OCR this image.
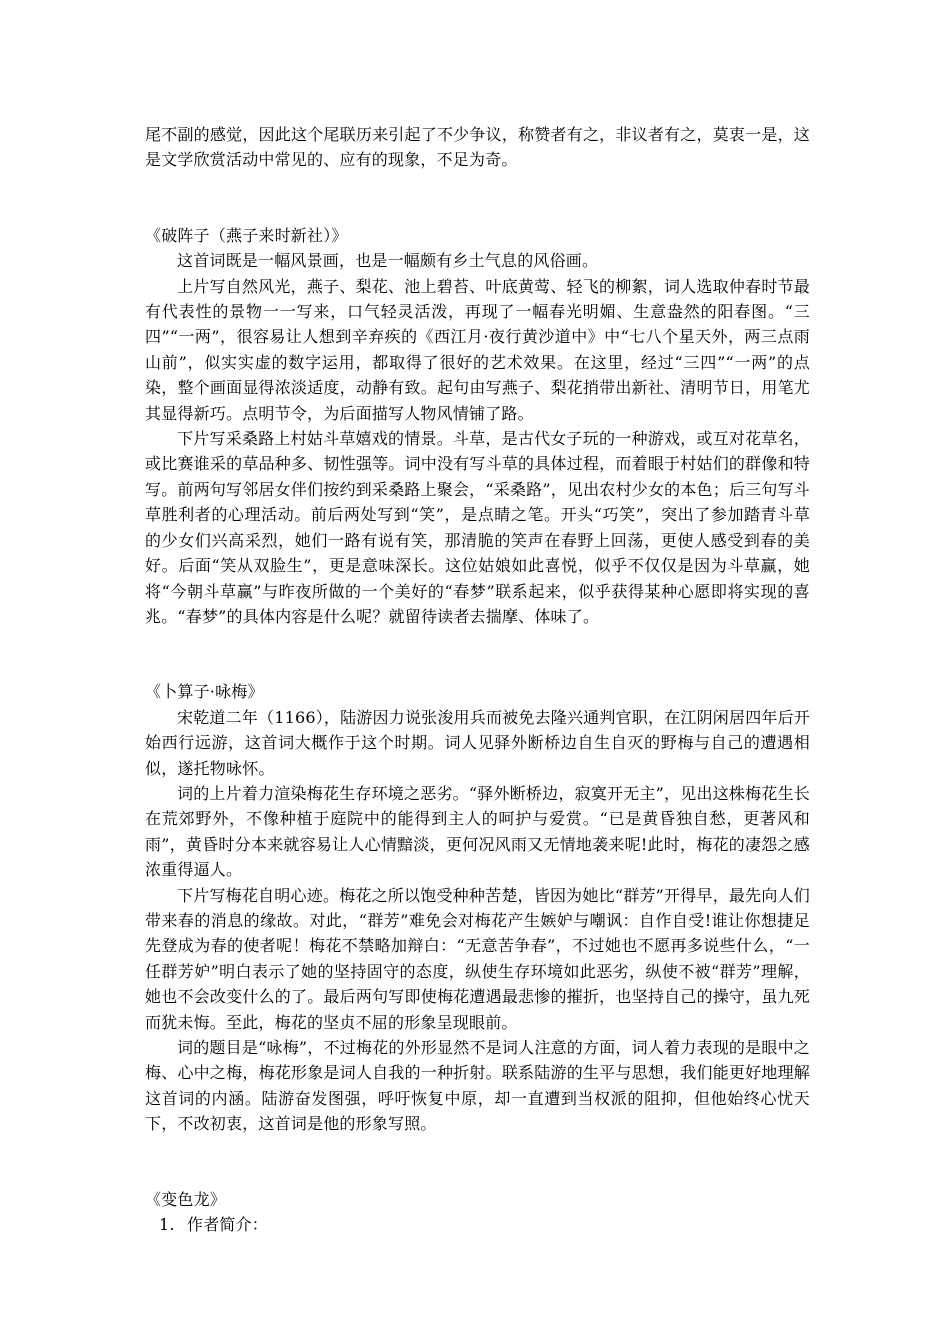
尾不副的感觉，因此这个尾联历来引起了不少争议，称赞者有之，非议者有之，莫衷一是，这是文学欣赏活动中常见的、应有的现象，不足为奇。

《破阵子（燕子来时新社）》

这首词既是一幅风景画，也是一幅颇有乡土气息的风俗画。

上片写自然风光，燕子、梨花、池上碧苔、叶底黄莺、轻飞的柳絮，词人选取仲春时节最有代表性的景物一一写来，口气轻灵活泼，再现了一幅春光明媚、生意盎然的阳春图。“三四”“一两”，很容易让人想到辛弃疾的《西江月·夜行黄沙道中》中“七八个星天外，两三点雨山前”，似实实虚的数字运用，都取得了很好的艺术效果。在这里，经过“三四”“一两”的点染，整个画面显得浓淡适度，动静有致。起句由写燕子、梨花捎带出新社、清明节日，用笔尤其显得新巧。点明节令，为后面描写人物风情铺了路。

下片写采桑路上村姑斗草嬉戏的情景。斗草，是古代女子玩的一种游戏，或互对花草名，或比赛谁采的草品种多、韧性强等。词中没有写斗草的具体过程，而着眼于村姑们的群像和特写。前两句写邻居女伴们按约到采桑路上聚会，“采桑路”，见出农村少女的本色；后三句写斗草胜利者的心理活动。前后两处写到“笑”，是点睛之笔。开头“巧笑”，突出了参加踏青斗草的少女们兴高采烈，她们一路有说有笑，那清脆的笑声在春野上回荡，更使人感受到春的美好。后面“笑从双脸生”，更是意味深长。这位姑娘如此喜悦，似乎不仅仅是因为斗草赢，她将“今朝斗草赢”与昨夜所做的一个美好的“春梦”联系起来，似乎获得某种心愿即将实现的喜兆。“春梦”的具体内容是什么呢？就留待读者去揣摩、体味了。

《卜算子·咏梅》

宋乾道二年（1166），陆游因力说张浚用兵而被免去隆兴通判官职，在江阴闲居四年后开始西行远游，这首词大概作于这个时期。词人见驿外断桥边自生自灭的野梅与自己的遭遇相似，遂托物咏怀。

词的上片着力渲染梅花生存环境之恶劣。“驿外断桥边，寂寞开无主”，见出这株梅花生长在荒郊野外，不像种植于庭院中的能得到主人的呵护与爱赏。“已是黄昏独自愁，更著风和雨”，黄昏时分本来就容易让人心情黯淡，更何况风雨又无情地袭来呢!此时，梅花的凄怨之感浓重得逼人。

下片写梅花自明心迹。梅花之所以饱受种种苦楚，皆因为她比“群芳”开得早，最先向人们带来春的消息的缘故。对此，“群芳”难免会对梅花产生嫉妒与嘲讽：自作自受!谁让你想捷足先登成为春的使者呢！梅花不禁略加辩白：“无意苦争春”，不过她也不愿再多说些什么，“一任群芳妒”明白表示了她的坚持固守的态度，纵使生存环境如此恶劣，纵使不被“群芳”理解，她也不会改变什么的了。最后两句写即使梅花遭遇最悲惨的摧折，也坚持自己的操守，虽九死而犹未悔。至此，梅花的坚贞不屈的形象呈现眼前。

词的题目是“咏梅”，不过梅花的外形显然不是词人注意的方面，词人着力表现的是眼中之梅、心中之梅，梅花形象是词人自我的一种折射。联系陆游的生平与思想，我们能更好地理解这首词的内涵。陆游奋发图强，呼吁恢复中原，却一直遭到当权派的阻抑，但他始终心忧天下，不改初衷，这首词是他的形象写照。

《变色龙》

1. 作者简介：
